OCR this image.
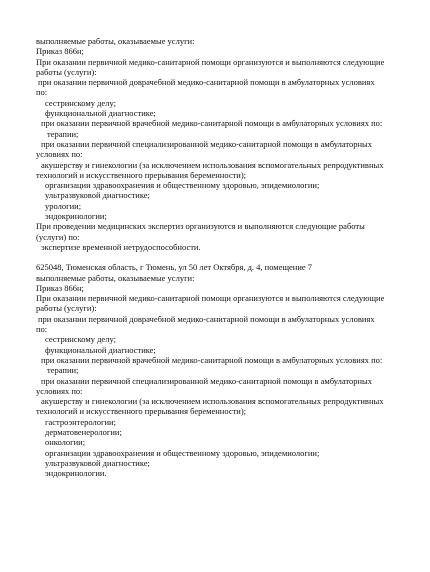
выполняемые работы, оказываемые услуги:

Приказ 866н;

При оказании первичной медико-санитарной помощи организуются и выполняются следующие

работы (услуги):

при оказании первичной доврачебной медико-санитарной помощи в амбулаторных условиях

по:

сестринскому делу;

функциональной диагностике;

при оказании первичной врачебной медико-санитарной помощи в амбулаторных условиях по:

терапии;

при оказании первичной специализированной медико-санитарной помощи в амбулаторных

условиях по:

акушерству и гинекологии (за исключением использования вспомогательных репродуктивных

технологий и искусственного прерывания беременности);

организации здравоохранения и общественному здоровью, эпидемиологии;

ультразвуковой диагностике;

урологии;

эндокринологии;

При проведении медицинских экспертиз организуются и выполняются следующие работы

(услуги) по:

экспертизе временной нетрудоспособности.

625048, Тюменская область, г Тюмень, ул 50 лет Октября, д. 4, помещение 7

выполняемые работы, оказываемые услуги:

Приказ 866н;

При оказании первичной медико-санитарной помощи организуются и выполняются следующие

работы (услуги):

при оказании первичной доврачебной медико-санитарной помощи в амбулаторных условиях

по:

сестринскому делу;

функциональной диагностике;

при оказании первичной врачебной медико-санитарной помощи в амбулаторных условиях по:

терапии;

при оказании первичной специализированной медико-санитарной помощи в амбулаторных

условиях по:

акушерству и гинекологии (за исключением использования вспомогательных репродуктивных

технологий и искусственного прерывания беременности);

гастроэнтерологии;

дерматовенерологии;

онкологии;

организации здравоохранения и общественному здоровью, эпидемиологии;

ультразвуковой диагностике;

эндокринологии.
